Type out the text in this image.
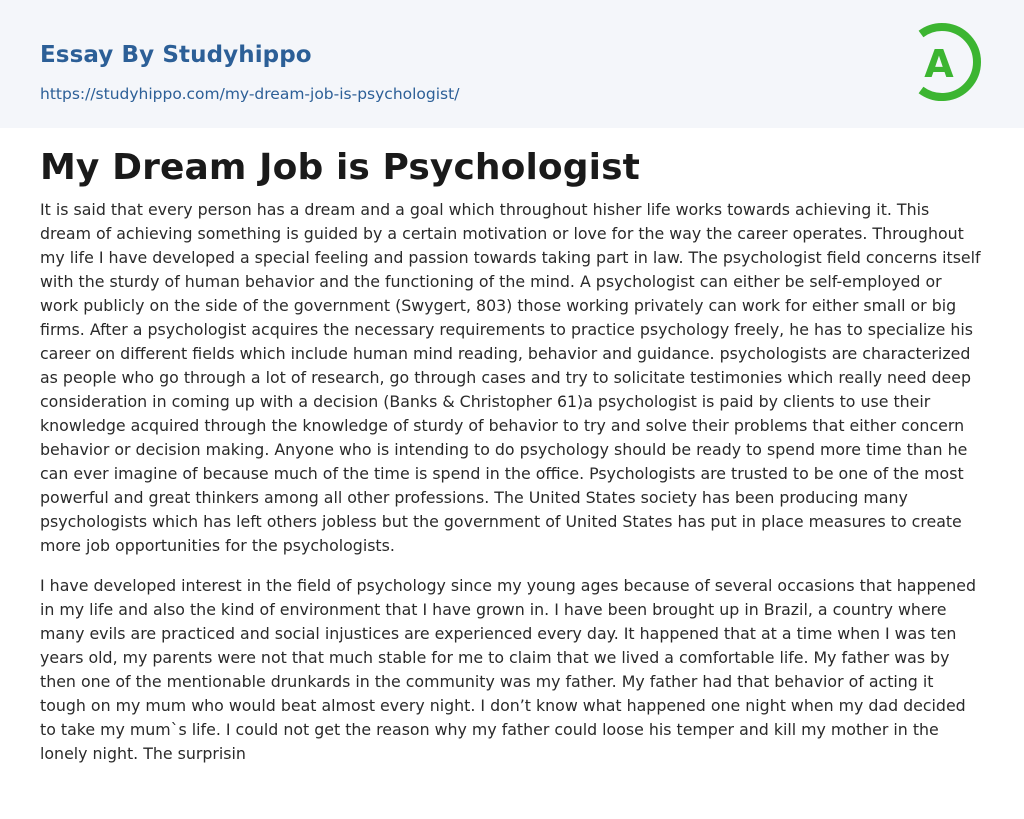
Essay By Studyhippo
https://studyhippo.com/my-dream-job-is-psychologist/
A
My Dream Job is Psychologist

It is said that every person has a dream and a goal which throughout hisher life works towards achieving it. This dream of achieving something is guided by a certain motivation or love for the way the career operates. Throughout my life I have developed a special feeling and passion towards taking part in law. The psychologist field concerns itself with the sturdy of human behavior and the functioning of the mind. A psychologist can either be self-employed or work publicly on the side of the government (Swygert, 803) those working privately can work for either small or big firms. After a psychologist acquires the necessary requirements to practice psychology freely, he has to specialize his career on different fields which include human mind reading, behavior and guidance. psychologists are characterized as people who go through a lot of research, go through cases and try to solicitate testimonies which really need deep consideration in coming up with a decision (Banks & Christopher 61)a psychologist is paid by clients to use their knowledge acquired through the knowledge of sturdy of behavior to try and solve their problems that either concern behavior or decision making. Anyone who is intending to do psychology should be ready to spend more time than he can ever imagine of because much of the time is spend in the office. Psychologists are trusted to be one of the most powerful and great thinkers among all other professions. The United States society has been producing many psychologists which has left others jobless but the government of United States has put in place measures to create more job opportunities for the psychologists.

I have developed interest in the field of psychology since my young ages because of several occasions that happened in my life and also the kind of environment that I have grown in. I have been brought up in Brazil, a country where many evils are practiced and social injustices are experienced every day. It happened that at a time when I was ten years old, my parents were not that much stable for me to claim that we lived a comfortable life. My father was by then one of the mentionable drunkards in the community was my father. My father had that behavior of acting it tough on my mum who would beat almost every night. I don’t know what happened one night when my dad decided to take my mum`s life. I could not get the reason why my father could loose his temper and kill my mother in the lonely night. The surprisin
